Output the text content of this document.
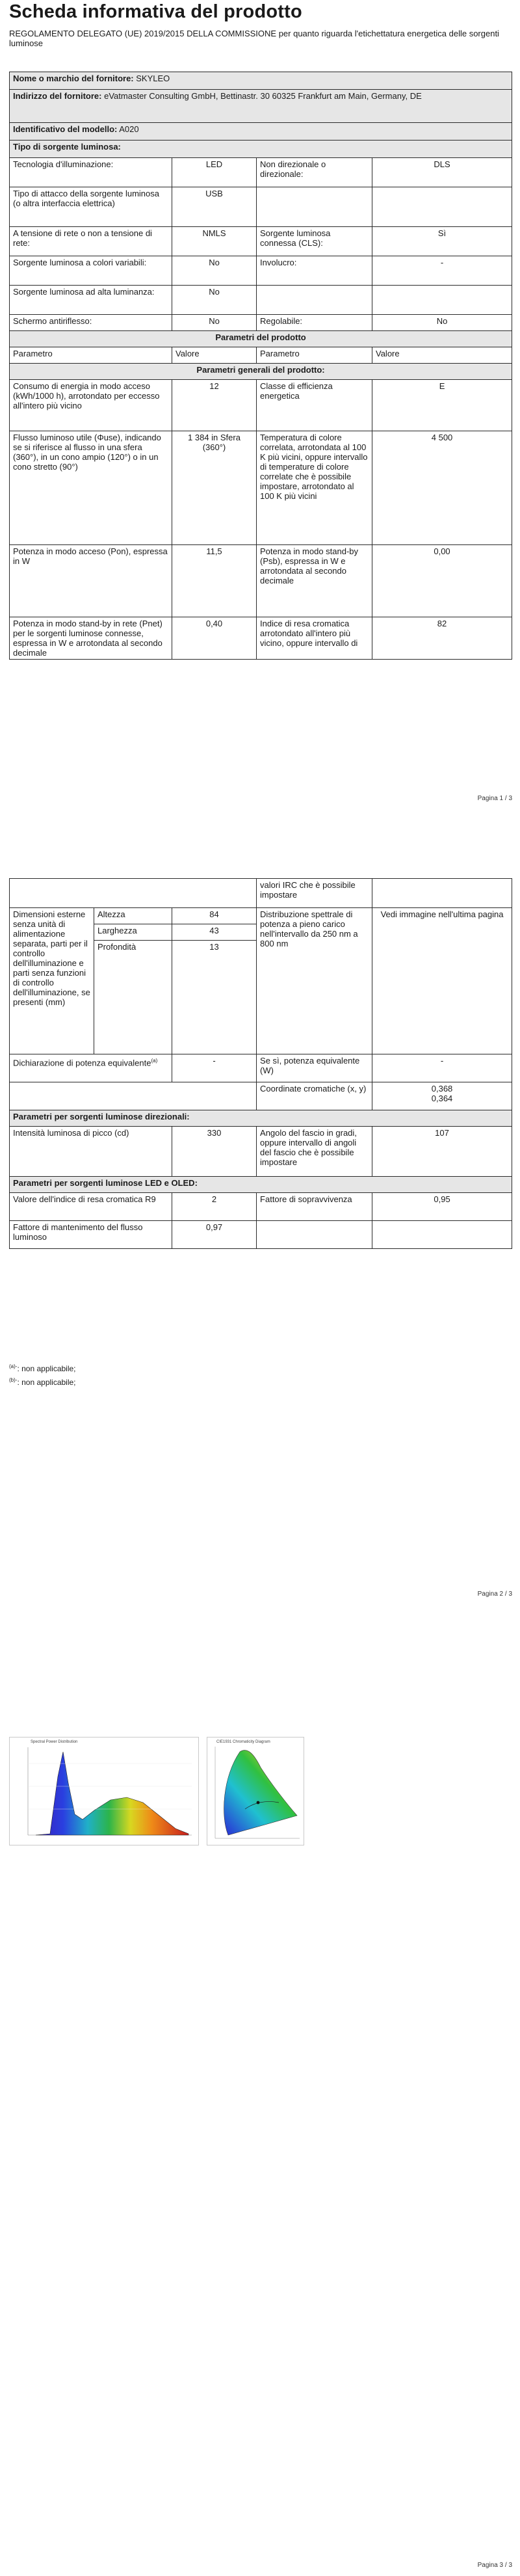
Scheda informativa del prodotto
REGOLAMENTO DELEGATO (UE) 2019/2015 DELLA COMMISSIONE per quanto riguarda l'etichettatura energetica delle sorgenti luminose
Nome o marchio del fornitore: SKYLEO			
Indirizzo del fornitore: eVatmaster Consulting GmbH, Bettinastr. 30 60325 Frankfurt am Main, Germany, DE			
Identificativo del modello: A020			
Tipo di sorgente luminosa:			
Tecnologia d'illuminazione:	LED	Non direzionale o direzionale:	DLS
Tipo di attacco della sorgente luminosa
(o altra interfaccia elettrica)	USB		
A tensione di rete o non a tensione di rete:	NMLS	Sorgente luminosa connessa (CLS):	Sì
Sorgente luminosa a colori variabili:	No	Involucro:	-
Sorgente luminosa ad alta luminanza:	No		
Schermo antiriflesso:	No	Regolabile:	No
Parametri del prodotto			
Parametro	Valore	Parametro	Valore
Parametri generali del prodotto:			
Consumo di energia in modo acceso (kWh/1000 h), arrotondato per eccesso all'intero più vicino	12	Classe di efficienza energetica	E
Flusso luminoso utile (Φuse), indicando se si riferisce al flusso in una sfera (360°), in un cono ampio (120°) o in un cono stretto (90°)	1 384 in Sfera (360°)	Temperatura di colore correlata, arrotondata al 100 K più vicini, oppure intervallo di temperature di colore correlate che è possibile impostare, arrotondato al 100 K più vicini	4 500
Potenza in modo acceso (Pon), espressa in W	11,5	Potenza in modo stand-by (Psb), espressa in W e arrotondata al secondo decimale	0,00
Potenza in modo stand-by in rete (Pnet) per le sorgenti luminose connesse, espressa in W e arrotondata al secondo decimale	0,40	Indice di resa cromatica arrotondato all'intero più vicino, oppure intervallo di	82
Pagina 1 / 3
			valori IRC che è possibile impostare	
Dimensioni esterne senza unità di alimentazione separata, parti per il controllo dell'illuminazione e parti senza funzioni di controllo dell'illuminazione, se presenti (mm)	Altezza	84	Distribuzione spettrale di potenza a pieno carico nell'intervallo da 250 nm a 800 nm	Vedi immagine nell'ultima pagina
	Larghezza	43		
	Profondità	13		
Dichiarazione di potenza equivalente$^{(a)}$		-	Se sì, potenza equivalente (W)	-
			Coordinate cromatiche (x, y)	0,368
0,364

Parametri per sorgenti luminose direzionali:				
Intensità luminosa di picco (cd)		330	Angolo del fascio in gradi, oppure intervallo di angoli del fascio che è possibile impostare	107
Parametri per sorgenti luminose LED e OLED:				
Valore dell'indice di resa cromatica R9		2	Fattore di sopravvivenza	0,95
Fattore di mantenimento del flusso luminoso		0,97		
$^{(a)-}$: non applicabile;
$^{(b)-}$: non applicabile;
Pagina 2 / 3
Spectral Power Distribution	CIE1931 Chromaticity Diagram
Pagina 3 / 3
